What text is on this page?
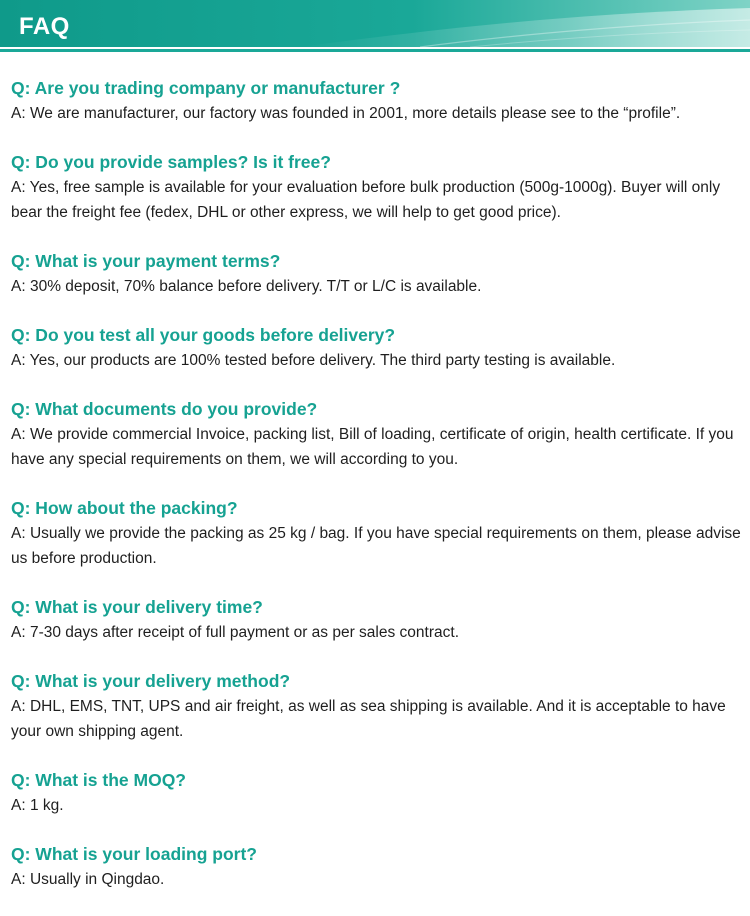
FAQ

Q: Are you trading company or manufacturer ?

A: We are manufacturer, our factory was founded in 2001, more details please see to the “profile”.

Q: Do you provide samples? Is it free?

A: Yes, free sample is available for your evaluation before bulk production (500g-1000g). Buyer will only bear the freight fee (fedex, DHL or other express, we will help to get good price).

Q: What is your payment terms?

A: 30% deposit, 70% balance before delivery. T/T or L/C is available.

Q: Do you test all your goods before delivery?

A: Yes, our products are 100% tested before delivery. The third party testing is available.

Q: What documents do you provide?

A: We provide commercial Invoice, packing list, Bill of loading, certificate of origin, health certificate. If you have any special requirements on them, we will according to you.

Q: How about the packing?

A: Usually we provide the packing as 25 kg / bag. If you have special requirements on them, please advise us before production.

Q: What is your delivery time?

A: 7-30 days after receipt of full payment or as per sales contract.

Q: What is your delivery method?

A: DHL, EMS, TNT, UPS and air freight, as well as sea shipping is available. And it is acceptable to have your own shipping agent.

Q: What is the MOQ?

A: 1 kg.

Q: What is your loading port?

A: Usually in Qingdao.
